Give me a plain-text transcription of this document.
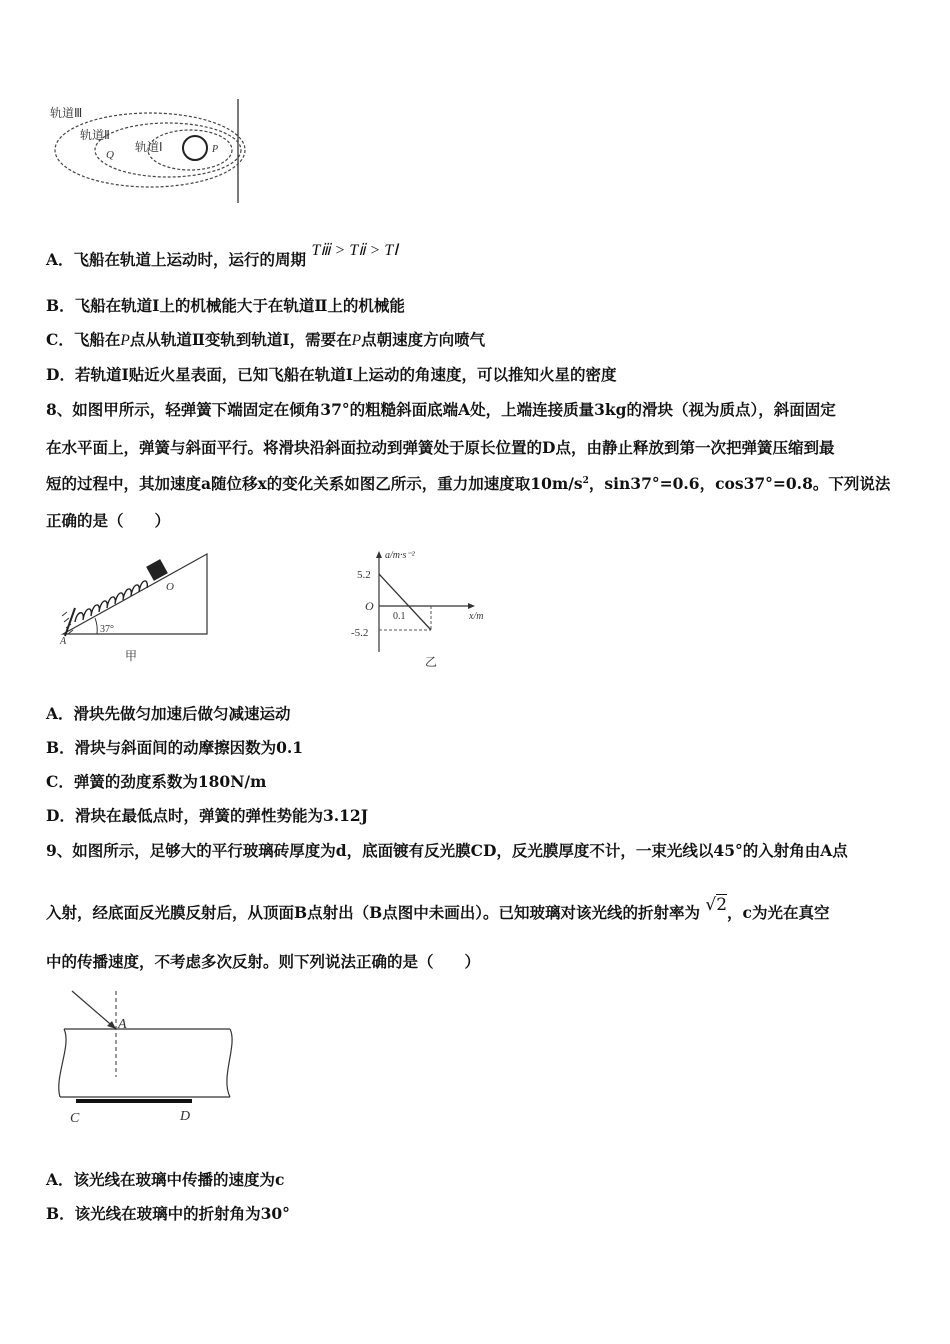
轨道Ⅲ
轨道Ⅱ
轨道Ⅰ
Q	P
A．飞船在轨道上运动时，运行的周期 Tⅲ > Tⅱ > TⅠ
B．飞船在轨道Ⅰ上的机械能大于在轨道Ⅱ上的机械能
C．飞船在P点从轨道Ⅱ变轨到轨道Ⅰ，需要在P点朝速度方向喷气
D．若轨道Ⅰ贴近火星表面，已知飞船在轨道Ⅰ上运动的角速度，可以推知火星的密度
8、如图甲所示，轻弹簧下端固定在倾角37°的粗糙斜面底端A处，上端连接质量3kg的滑块（视为质点），斜面固定
在水平面上，弹簧与斜面平行。将滑块沿斜面拉动到弹簧处于原长位置的D点，由静止释放到第一次把弹簧压缩到最
短的过程中，其加速度a随位移x的变化关系如图乙所示，重力加速度取$10m/s^2$，sin37°=0.6，cos37°=0.8。下列说法
正确的是（　　）
O
A
37°
甲
a/m·s⁻²
5.2
-5.2
O
0.1	x/m
乙
A．滑块先做匀加速后做匀减速运动
B．滑块与斜面间的动摩擦因数为0.1
C．弹簧的劲度系数为180N/m
D．滑块在最低点时，弹簧的弹性势能为3.12J
9、如图所示，足够大的平行玻璃砖厚度为d，底面镀有反光膜CD，反光膜厚度不计，一束光线以45°的入射角由A点
入射，经底面反光膜反射后，从顶面B点射出（B点图中未画出）。已知玻璃对该光线的折射率为 √2，c为光在真空
中的传播速度，不考虑多次反射。则下列说法正确的是（　　）
A
C	D
A．该光线在玻璃中传播的速度为c
B．该光线在玻璃中的折射角为30°
